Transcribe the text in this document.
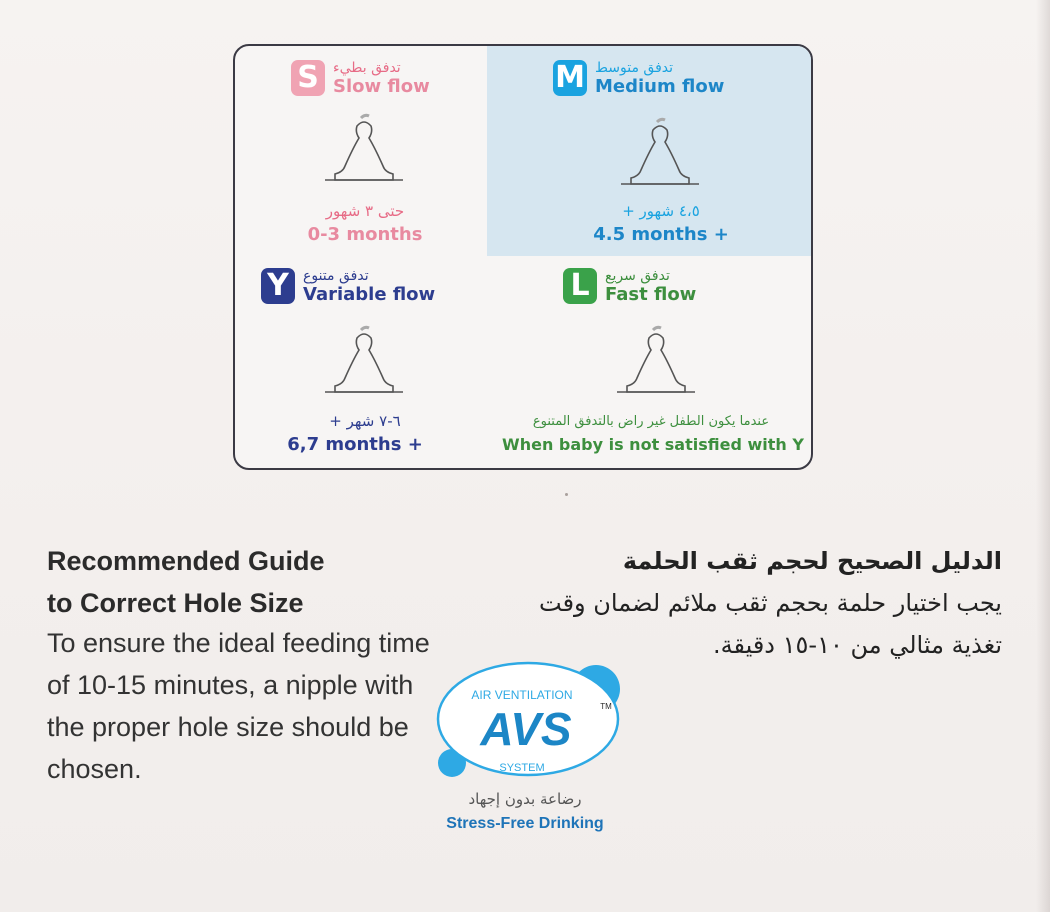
S	تدفق بطيء
Slow flow
حتى ٣ شهور
0-3 months
M تدفق متوسط
Medium flow
٤،٥ شهور +
4.5 months +
Y	تدفق متنوع
Variable flow
٦-٧ شهر +
6,7 months +
L	تدفق سريع
Fast flow
عندما يكون الطفل غير راض بالتدفق المتنوع
When baby is not satisfied with Y
Recommended Guide
to Correct Hole Size
To ensure the ideal feeding time of 10-15 minutes, a nipple with the proper hole size should be chosen.
الدليل الصحيح لحجم ثقب الحلمة
يجب اختيار حلمة بحجم ثقب ملائم لضمان وقت تغذية مثالي من ١٠-١٥ دقيقة.
AIR VENTILATION
AVS	TM
SYSTEM
رضاعة بدون إجهاد
Stress-Free Drinking
